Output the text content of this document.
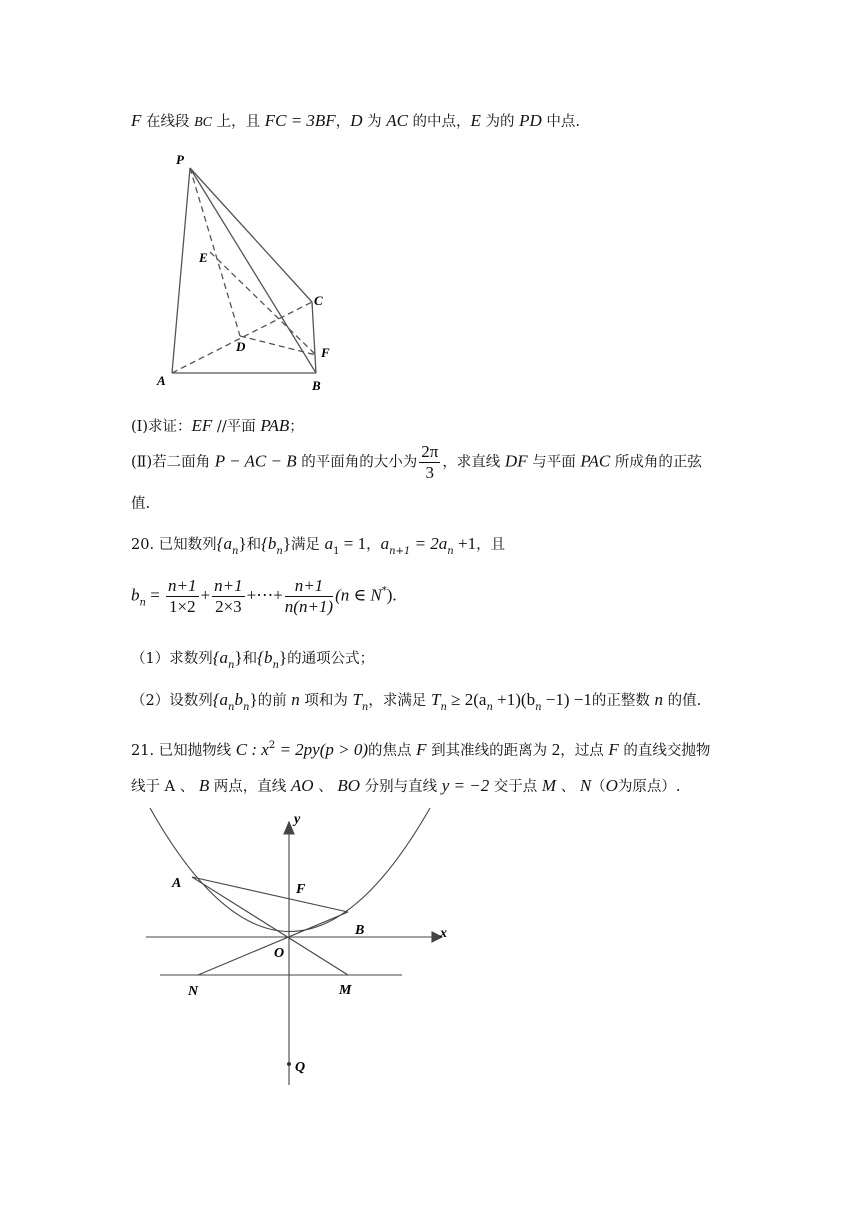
F 在线段 BC 上，且 FC = 3BF，D 为 AC 的中点，E 为的 PD 中点.
P
E
C
D	F
A	B
(Ⅰ)求证：EF //平面 PAB；
(Ⅱ)若二面角 P − AC − B 的平面角的大小为 $\frac{2\pi}{3}$ ，求直线 DF 与平面 PAC 所成角的正弦
值.
20. 已知数列$\{a_n\}$和$\{b_n\}$满足 $a_1 = 1$，$a_{n+1} = 2a_n +1$，且
$b_n = \frac{n+1}{1\times 2} + \frac{n+1}{2\times 3}$ +⋯+ $\frac{n+1}{n(n+1)} (n$ ∈ N*).
（1）求数列$\{a_n\}$和$\{b_n\}$的通项公式；
（2）设数列$\{a_nb_n\}$的前 n 项和为 $T_n$，求满足 $T_n \ge 2(a_n +1)(b_n -1) -1$的正整数 n 的值.
21. 已知抛物线 C : $x^2 = 2py(p > 0)$的焦点 F 到其准线的距离为 2，过点 F 的直线交抛物
线于 A 、 B 两点，直线 AO 、 BO 分别与直线 y = −2 交于点 M 、 N（O为原点）.
y
A	F
B	x
O
N	M
Q
